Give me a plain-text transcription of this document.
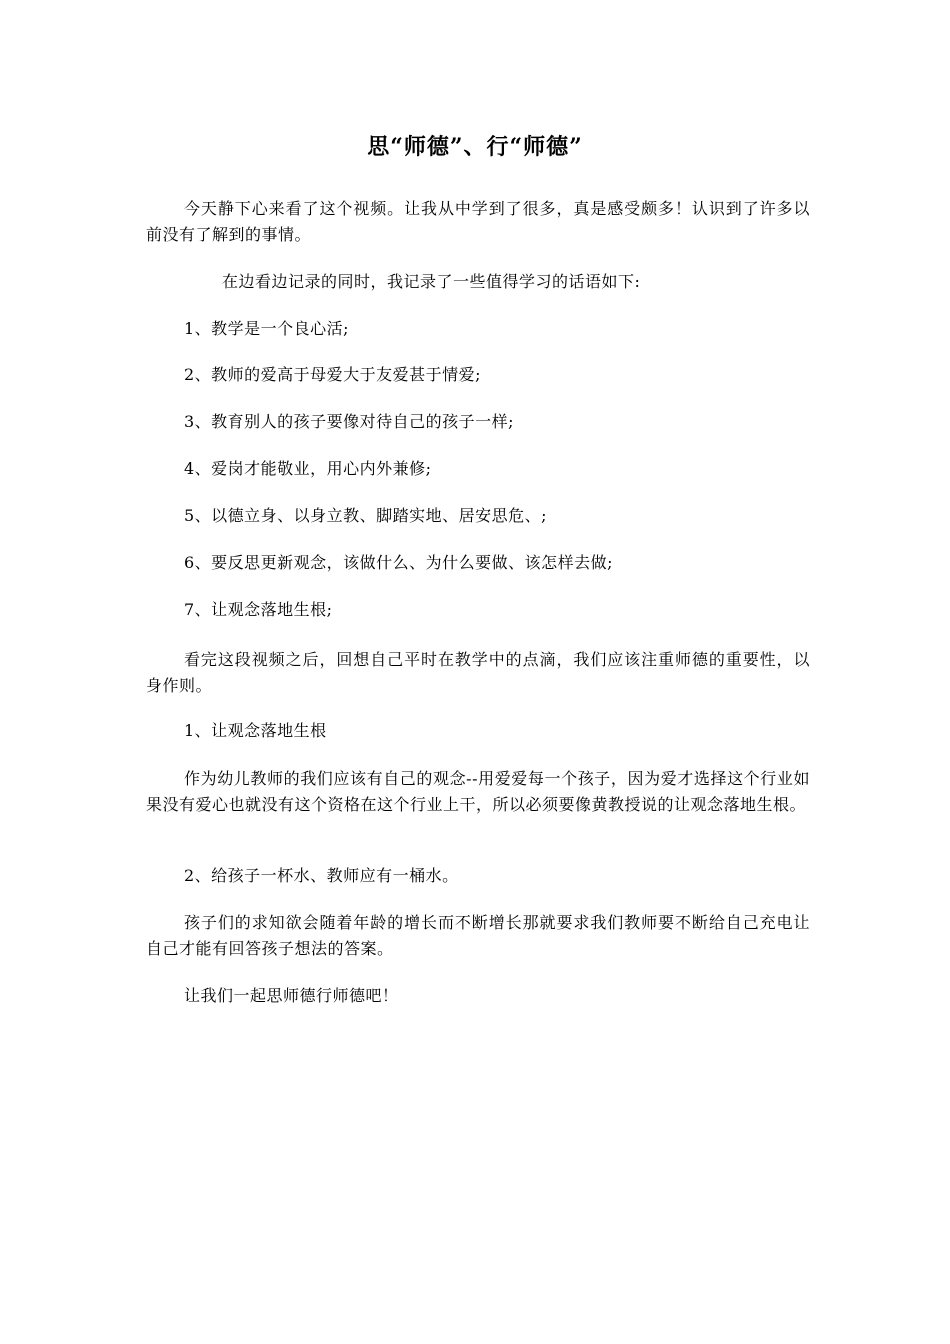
思“师德”、行“师德”

今天静下心来看了这个视频。让我从中学到了很多，真是感受颇多！认识到了许多以前没有了解到的事情。

在边看边记录的同时，我记录了一些值得学习的话语如下:

1、教学是一个良心活;

2、教师的爱高于母爱大于友爱甚于情爱;

3、教育别人的孩子要像对待自己的孩子一样;

4、爱岗才能敬业，用心内外兼修;

5、以德立身、以身立教、脚踏实地、居安思危、;

6、要反思更新观念，该做什么、为什么要做、该怎样去做;

7、让观念落地生根;

看完这段视频之后，回想自己平时在教学中的点滴，我们应该注重师德的重要性，以身作则。

1、让观念落地生根

作为幼儿教师的我们应该有自己的观念--用爱爱每一个孩子，因为爱才选择这个行业如果没有爱心也就没有这个资格在这个行业上干，所以必须要像黄教授说的让观念落地生根。

2、给孩子一杯水、教师应有一桶水。

孩子们的求知欲会随着年龄的增长而不断增长那就要求我们教师要不断给自己充电让自己才能有回答孩子想法的答案。

让我们一起思师德行师德吧！
